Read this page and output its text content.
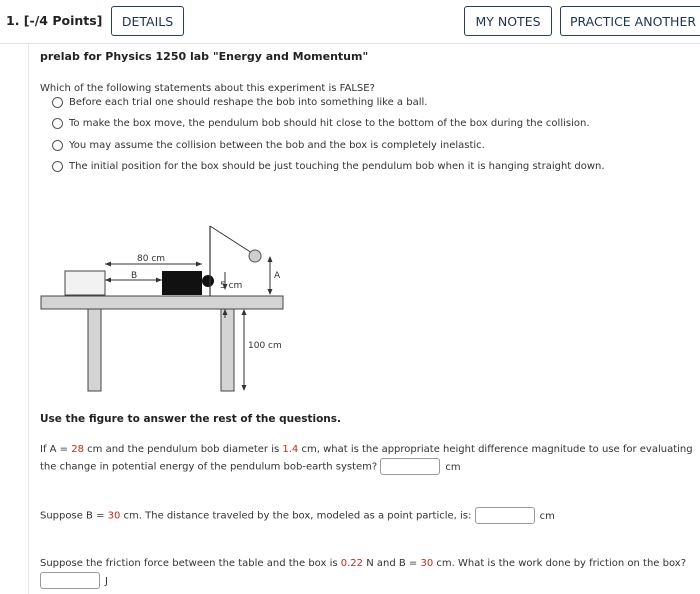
1. [-/4 Points]	DETAILS	MY NOTES	PRACTICE ANOTHER
prelab for Physics 1250 lab "Energy and Momentum"
Which of the following statements about this experiment is FALSE?
Before each trial one should reshape the bob into something like a ball.
To make the box move, the pendulum bob should hit close to the bottom of the box during the collision.
You may assume the collision between the bob and the box is completely inelastic.
The initial position for the box should be just touching the pendulum bob when it is hanging straight down.
80 cm
B
5 cm
A
100 cm
Use the figure to answer the rest of the questions.
If A = 28 cm and the pendulum bob diameter is 1.4 cm, what is the appropriate height difference magnitude to use for evaluating
the change in potential energy of the pendulum bob-earth system?	cm
Suppose B = 30 cm. The distance traveled by the box, modeled as a point particle, is:	cm
Suppose the friction force between the table and the box is 0.22 N and B = 30 cm. What is the work done by friction on the box?
J
